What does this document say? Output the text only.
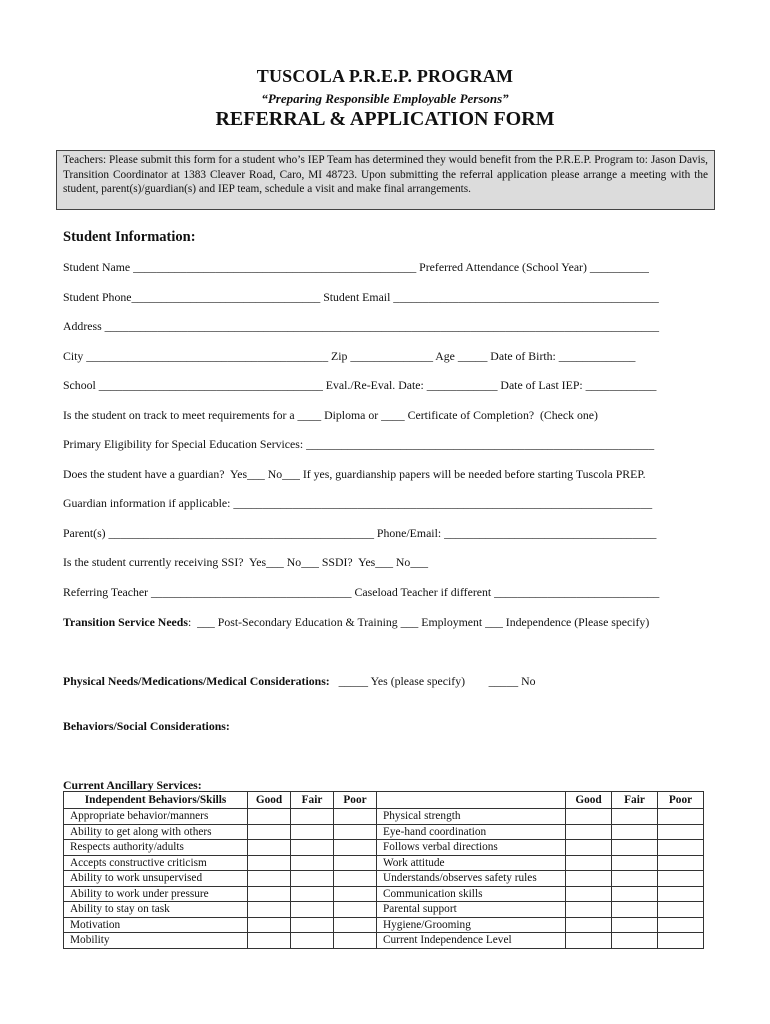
TUSCOLA P.R.E.P. PROGRAM
“Preparing Responsible Employable Persons”
REFERRAL & APPLICATION FORM
Teachers: Please submit this form for a student who’s IEP Team has determined they would benefit from the P.R.E.P. Program to: Jason Davis, Transition Coordinator at 1383 Cleaver Road, Caro, MI 48723. Upon submitting the referral application please arrange a meeting with the student, parent(s)/guardian(s) and IEP team, schedule a visit and make final arrangements.
Student Information:
Student Name ________________________________________________ Preferred Attendance (School Year) __________
Student Phone________________________________ Student Email _____________________________________________
Address ______________________________________________________________________________________________
City _________________________________________ Zip ______________ Age _____ Date of Birth: _____________
School ______________________________________ Eval./Re-Eval. Date: ____________ Date of Last IEP: ____________
Is the student on track to meet requirements for a ____ Diploma or ____ Certificate of Completion?  (Check one)
Primary Eligibility for Special Education Services: ___________________________________________________________
Does the student have a guardian?  Yes___ No___ If yes, guardianship papers will be needed before starting Tuscola PREP.
Guardian information if applicable: _______________________________________________________________________
Parent(s) _____________________________________________ Phone/Email: ____________________________________
Is the student currently receiving SSI?  Yes___ No___ SSDI?  Yes___ No___
Referring Teacher __________________________________ Caseload Teacher if different ____________________________
Transition Service Needs:  ___ Post-Secondary Education & Training ___ Employment ___ Independence (Please specify)
Physical Needs/Medications/Medical Considerations:   _____ Yes (please specify)        _____ No
Behaviors/Social Considerations:
Current Ancillary Services:
Independent Behaviors/Skills	Good	Fair	Poor		Good	Fair	Poor
Appropriate behavior/manners				Physical strength			
Ability to get along with others				Eye-hand coordination			
Respects authority/adults				Follows verbal directions			
Accepts constructive criticism				Work attitude			
Ability to work unsupervised				Understands/observes safety rules			
Ability to work under pressure				Communication skills			
Ability to stay on task				Parental support			
Motivation				Hygiene/Grooming			
Mobility				Current Independence Level			
